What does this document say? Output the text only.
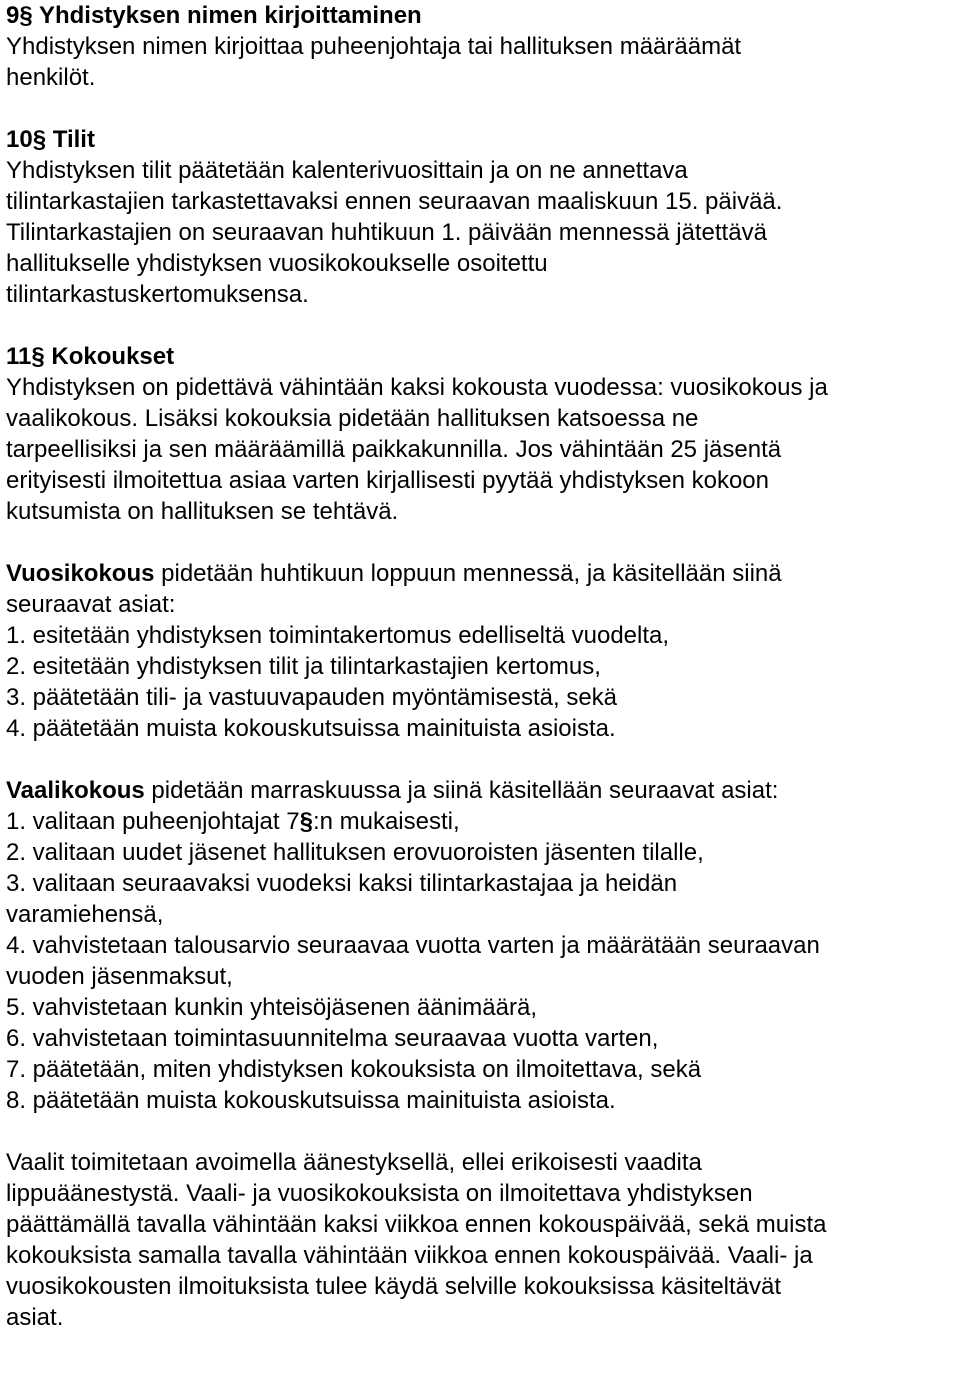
9§ Yhdistyksen nimen kirjoittaminen
Yhdistyksen nimen kirjoittaa puheenjohtaja tai hallituksen määräämät
henkilöt.
10§ Tilit
Yhdistyksen tilit päätetään kalenterivuosittain ja on ne annettava
tilintarkastajien tarkastettavaksi ennen seuraavan maaliskuun 15. päivää.
Tilintarkastajien on seuraavan huhtikuun 1. päivään mennessä jätettävä
hallitukselle yhdistyksen vuosikokoukselle osoitettu
tilintarkastuskertomuksensa.
11§ Kokoukset
Yhdistyksen on pidettävä vähintään kaksi kokousta vuodessa: vuosikokous ja
vaalikokous. Lisäksi kokouksia pidetään hallituksen katsoessa ne
tarpeellisiksi ja sen määräämillä paikkakunnilla. Jos vähintään 25 jäsentä
erityisesti ilmoitettua asiaa varten kirjallisesti pyytää yhdistyksen kokoon
kutsumista on hallituksen se tehtävä.
Vuosikokous pidetään huhtikuun loppuun mennessä, ja käsitellään siinä
seuraavat asiat:
1. esitetään yhdistyksen toimintakertomus edelliseltä vuodelta,
2. esitetään yhdistyksen tilit ja tilintarkastajien kertomus,
3. päätetään tili- ja vastuuvapauden myöntämisestä, sekä
4. päätetään muista kokouskutsuissa mainituista asioista.
Vaalikokous pidetään marraskuussa ja siinä käsitellään seuraavat asiat:
1. valitaan puheenjohtajat 7§:n mukaisesti,
2. valitaan uudet jäsenet hallituksen erovuoroisten jäsenten tilalle,
3. valitaan seuraavaksi vuodeksi kaksi tilintarkastajaa ja heidän
varamiehensä,
4. vahvistetaan talousarvio seuraavaa vuotta varten ja määrätään seuraavan
vuoden jäsenmaksut,
5. vahvistetaan kunkin yhteisöjäsenen äänimäärä,
6. vahvistetaan toimintasuunnitelma seuraavaa vuotta varten,
7. päätetään, miten yhdistyksen kokouksista on ilmoitettava, sekä
8. päätetään muista kokouskutsuissa mainituista asioista.
Vaalit toimitetaan avoimella äänestyksellä, ellei erikoisesti vaadita
lippuäänestystä. Vaali- ja vuosikokouksista on ilmoitettava yhdistyksen
päättämällä tavalla vähintään kaksi viikkoa ennen kokouspäivää, sekä muista
kokouksista samalla tavalla vähintään viikkoa ennen kokouspäivää. Vaali- ja
vuosikokousten ilmoituksista tulee käydä selville kokouksissa käsiteltävät
asiat.
